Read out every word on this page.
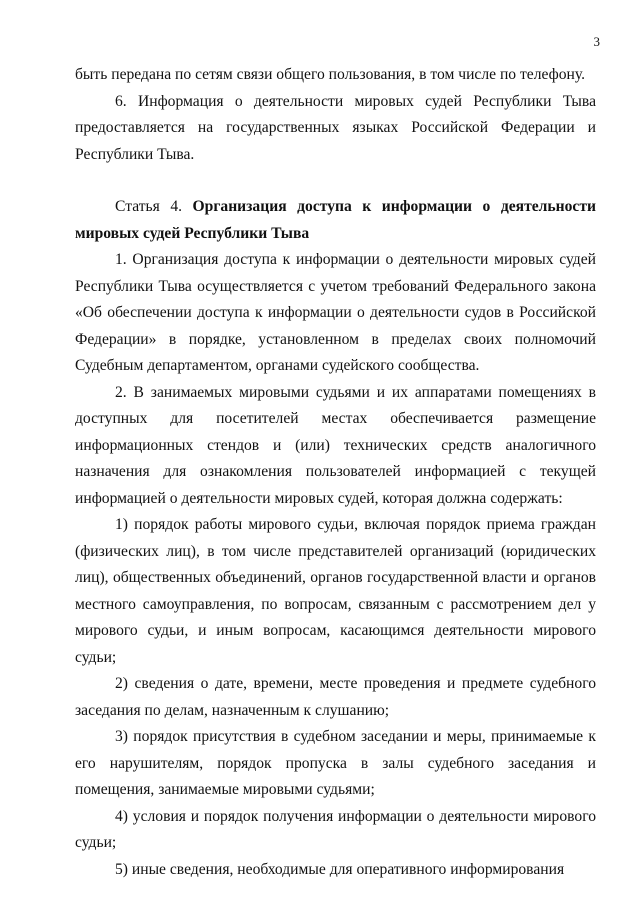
3

быть передана по сетям связи общего пользования, в том числе по телефону.

6. Информация о деятельности мировых судей Республики Тыва предоставляется на государственных языках Российской Федерации и Республики Тыва.

Статья 4. Организация доступа к информации о деятельности мировых судей Республики Тыва

1. Организация доступа к информации о деятельности мировых судей Республики Тыва осуществляется с учетом требований Федерального закона «Об обеспечении доступа к информации о деятельности судов в Российской Федерации» в порядке, установленном в пределах своих полномочий Судебным департаментом, органами судейского сообщества.

2. В занимаемых мировыми судьями и их аппаратами помещениях в доступных для посетителей местах обеспечивается размещение информационных стендов и (или) технических средств аналогичного назначения для ознакомления пользователей информацией с текущей информацией о деятельности мировых судей, которая должна содержать:

1) порядок работы мирового судьи, включая порядок приема граждан (физических лиц), в том числе представителей организаций (юридических лиц), общественных объединений, органов государственной власти и органов местного самоуправления, по вопросам, связанным с рассмотрением дел у мирового судьи, и иным вопросам, касающимся деятельности мирового судьи;

2) сведения о дате, времени, месте проведения и предмете судебного заседания по делам, назначенным к слушанию;

3) порядок присутствия в судебном заседании и меры, принимаемые к его нарушителям, порядок пропуска в залы судебного заседания и помещения, занимаемые мировыми судьями;

4) условия и порядок получения информации о деятельности мирового судьи;

5) иные сведения, необходимые для оперативного информирования
